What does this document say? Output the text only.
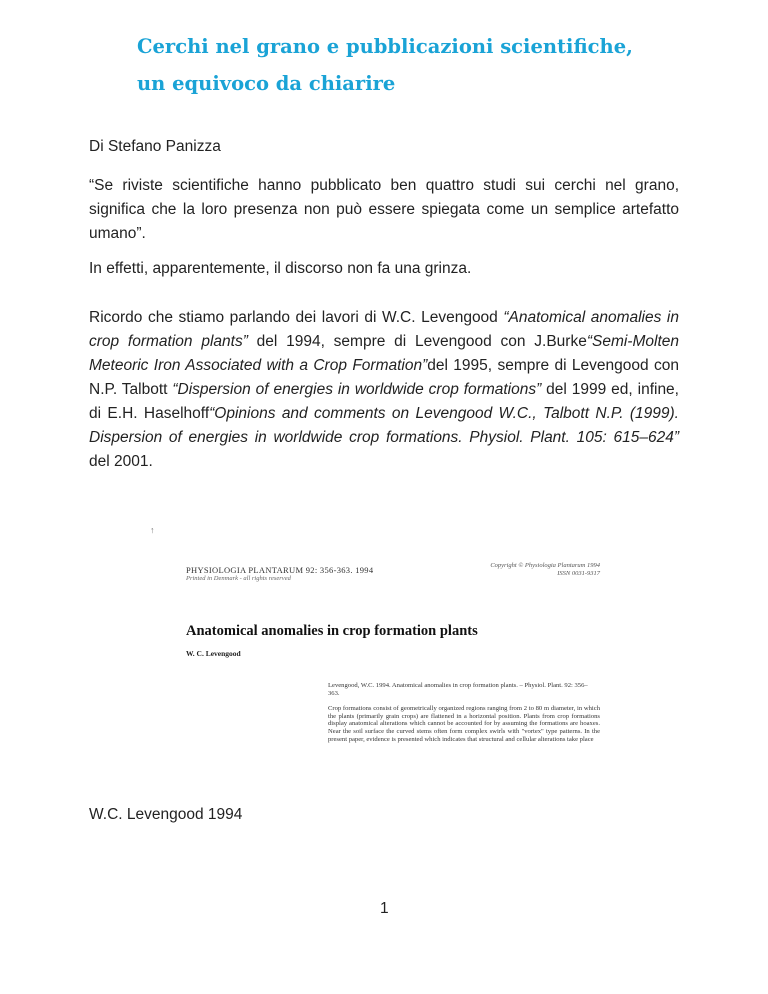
Cerchi nel grano e pubblicazioni scientifiche, un equivoco da chiarire

Di Stefano Panizza

“Se riviste scientifiche hanno pubblicato ben quattro studi sui cerchi nel grano, significa che la loro presenza non può essere spiegata come un semplice artefatto umano”.

In effetti, apparentemente, il discorso non fa una grinza.

Ricordo che stiamo parlando dei lavori di W.C. Levengood “Anatomical anomalies in crop formation plants” del 1994, sempre di Levengood con J.Burke“Semi-Molten Meteoric Iron Associated with a Crop Formation”del 1995, sempre di Levengood con N.P. Talbott “Dispersion of energies in worldwide crop formations” del 1999 ed, infine, di E.H. Haselhoff“Opinions and comments on Levengood W.C., Talbott N.P. (1999). Dispersion of energies in worldwide crop formations. Physiol. Plant. 105: 615–624” del 2001.

↑
PHYSIOLOGIA PLANTARUM 92: 356-363. 1994
Printed in Denmark - all rights reserved
Copyright © Physiologia Plantarum 1994 ISSN 0031-9317
Anatomical anomalies in crop formation plants
W. C. Levengood
Levengood, W.C. 1994. Anatomical anomalies in crop formation plants. – Physiol. Plant. 92: 356–363.
Crop formations consist of geometrically organized regions ranging from 2 to 80 m diameter, in which the plants (primarily grain crops) are flattened in a horizontal position. Plants from crop formations display anatomical alterations which cannot be accounted for by assuming the formations are hoaxes. Near the soil surface the curved stems often form complex swirls with "vortex" type patterns. In the present paper, evidence is presented which indicates that structural and cellular alterations take place

W.C. Levengood 1994

1
